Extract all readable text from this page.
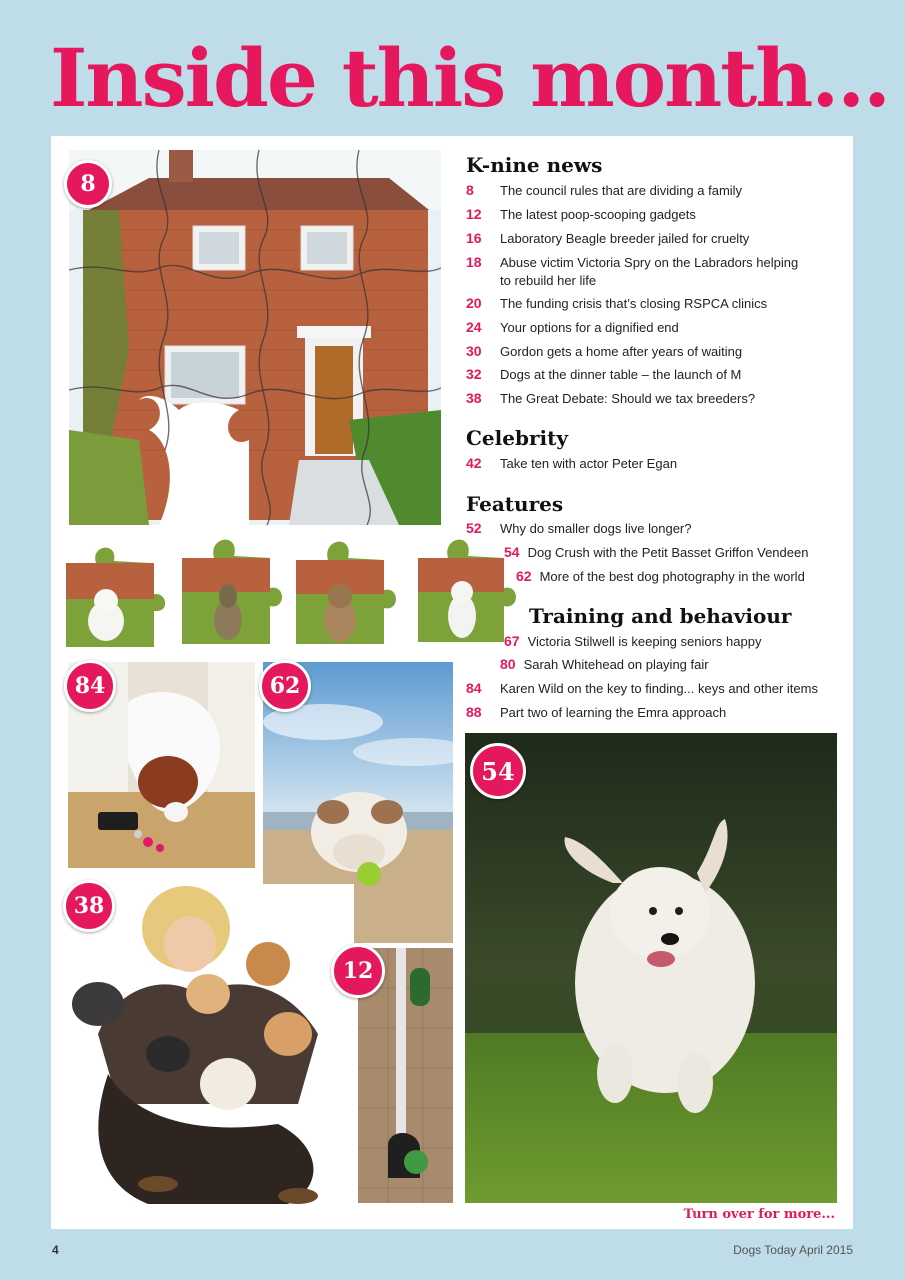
Inside this month...
8
84	62
38
12
54
K-nine news
8 The council rules that are dividing a family
12 The latest poop-scooping gadgets
16 Laboratory Beagle breeder jailed for cruelty
18 Abuse victim Victoria Spry on the Labradors helping
to rebuild her life
20 The funding crisis that’s closing RSPCA clinics
24 Your options for a dignified end
30 Gordon gets a home after years of waiting
32 Dogs at the dinner table – the launch of M
38 The Great Debate: Should we tax breeders?
Celebrity
42 Take ten with actor Peter Egan
Features
52 Why do smaller dogs live longer?
54 Dog Crush with the Petit Basset Griffon Vendeen
62 More of the best dog photography in the world
Training and behaviour
67 Victoria Stilwell is keeping seniors happy
80 Sarah Whitehead on playing fair
84 Karen Wild on the key to finding... keys and other items
88 Part two of learning the Emra approach
Turn over for more...
4	Dogs Today April 2015
